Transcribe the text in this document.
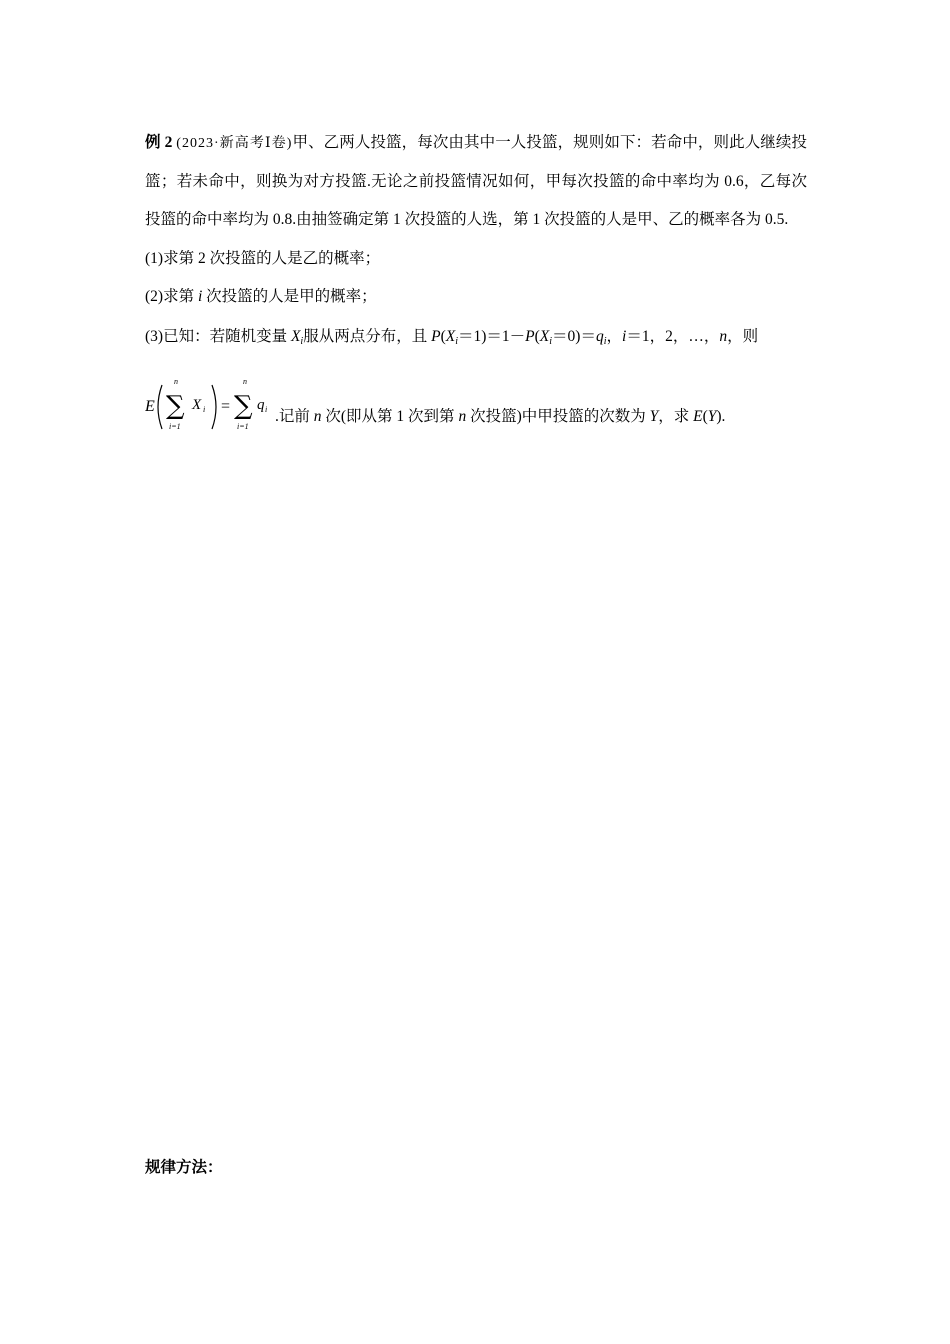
例 2 (2023·新高考Ⅰ卷)甲、乙两人投篮，每次由其中一人投篮，规则如下：若命中，则此人继续投篮；若未命中，则换为对方投篮.无论之前投篮情况如何，甲每次投篮的命中率均为 0.6，乙每次投篮的命中率均为 0.8.由抽签确定第 1 次投篮的人选，第 1 次投篮的人是甲、乙的概率各为 0.5.

(1)求第 2 次投篮的人是乙的概率；

(2)求第 i 次投篮的人是甲的概率；

(3)已知：若随机变量 $X_i$服从两点分布，且 $P(X_i=1)=1-P(X_i=0)=q_i$，i＝1，2，…，n，则

E
n
∑
i=1
X i =
n
∑
i=1
q i .记前 n 次(即从第 1 次到第 n 次投篮)中甲投篮的次数为 Y，求 E(Y).
规律方法：
